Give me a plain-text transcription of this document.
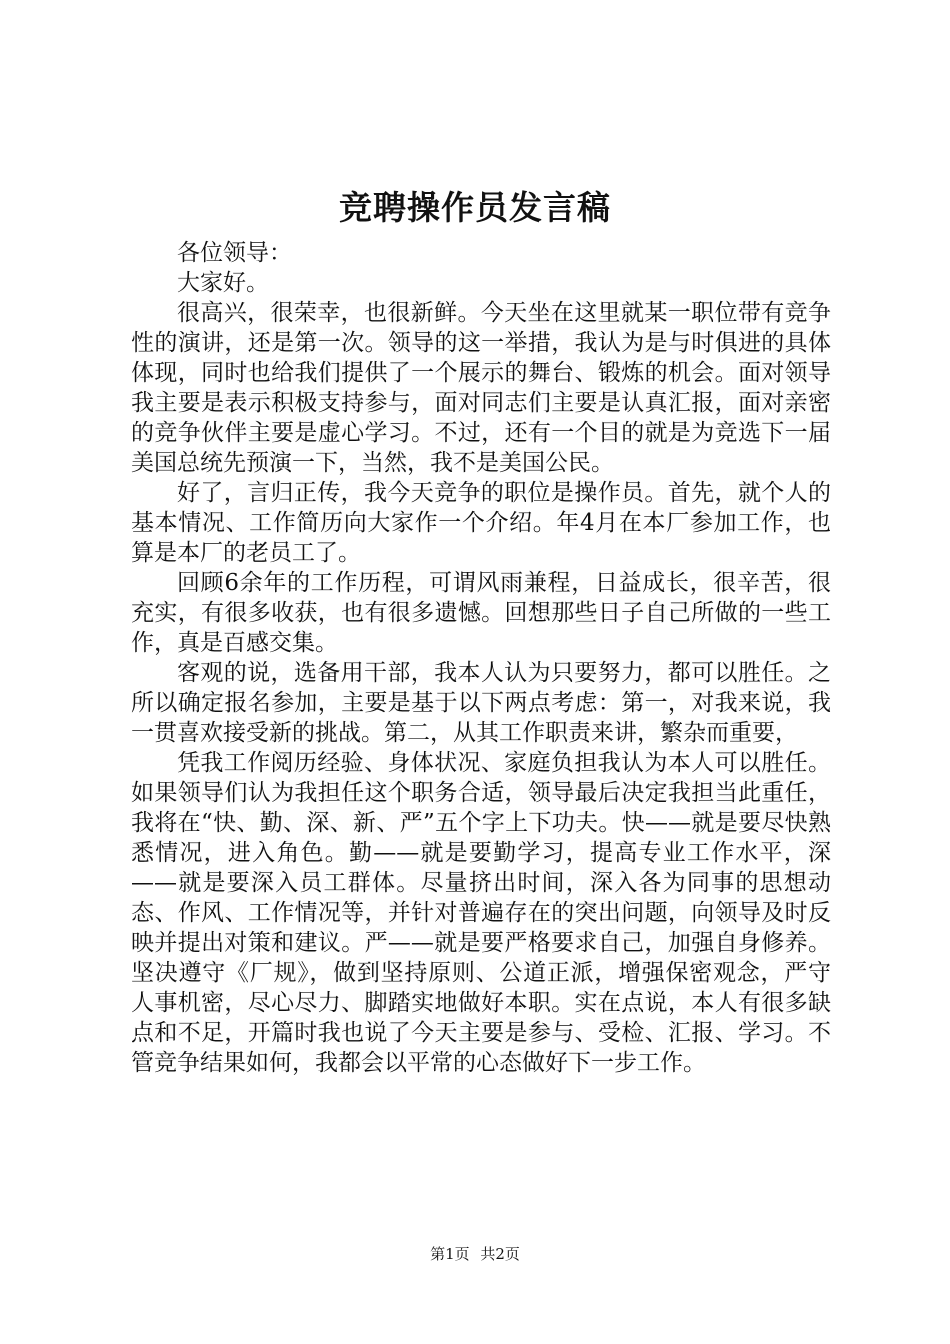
竞聘操作员发言稿

各位领导：

大家好。

很高兴，很荣幸，也很新鲜。今天坐在这里就某一职位带有竞争性的演讲，还是第一次。领导的这一举措，我认为是与时俱进的具体体现，同时也给我们提供了一个展示的舞台、锻炼的机会。面对领导我主要是表示积极支持参与，面对同志们主要是认真汇报，面对亲密的竞争伙伴主要是虚心学习。不过，还有一个目的就是为竞选下一届美国总统先预演一下，当然，我不是美国公民。

好了，言归正传，我今天竞争的职位是操作员。首先，就个人的基本情况、工作简历向大家作一个介绍。年4月在本厂参加工作，也算是本厂的老员工了。

回顾6余年的工作历程，可谓风雨兼程，日益成长，很辛苦，很充实，有很多收获，也有很多遗憾。回想那些日子自己所做的一些工作，真是百感交集。

客观的说，选备用干部，我本人认为只要努力，都可以胜任。之所以确定报名参加，主要是基于以下两点考虑：第一，对我来说，我一贯喜欢接受新的挑战。第二，从其工作职责来讲，繁杂而重要，

凭我工作阅历经验、身体状况、家庭负担我认为本人可以胜任。如果领导们认为我担任这个职务合适，领导最后决定我担当此重任，我将在“快、勤、深、新、严”五个字上下功夫。快——就是要尽快熟悉情况，进入角色。勤——就是要勤学习，提高专业工作水平，深——就是要深入员工群体。尽量挤出时间，深入各为同事的思想动态、作风、工作情况等，并针对普遍存在的突出问题，向领导及时反映并提出对策和建议。严——就是要严格要求自己，加强自身修养。坚决遵守《厂规》，做到坚持原则、公道正派，增强保密观念，严守人事机密，尽心尽力、脚踏实地做好本职。实在点说，本人有很多缺点和不足，开篇时我也说了今天主要是参与、受检、汇报、学习。不管竞争结果如何，我都会以平常的心态做好下一步工作。

第1页 共2页
